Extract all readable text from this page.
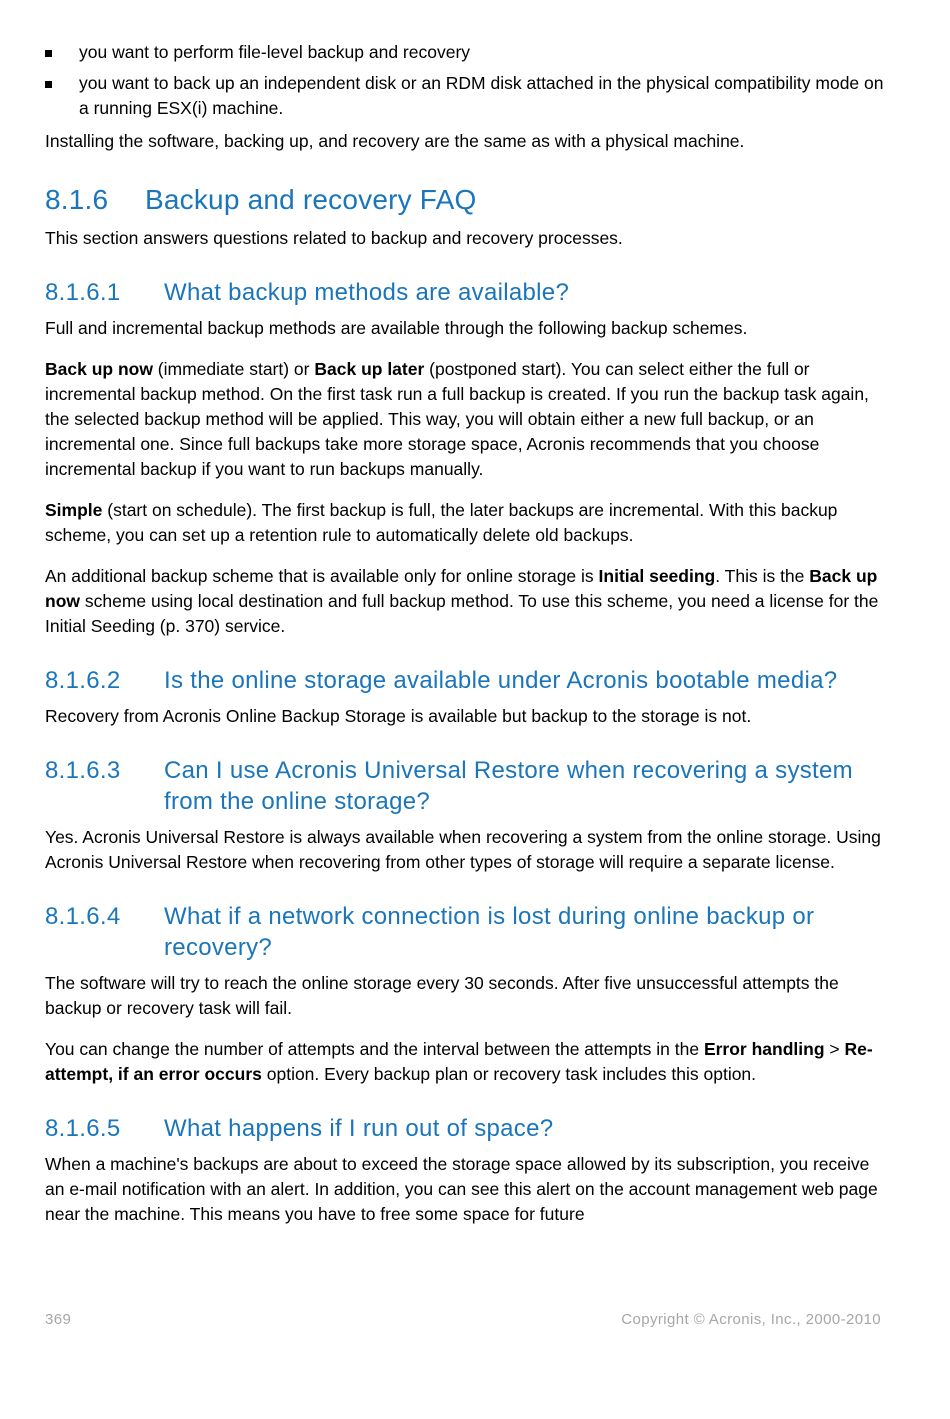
you want to perform file-level backup and recovery
you want to back up an independent disk or an RDM disk attached in the physical compatibility mode on a running ESX(i) machine.

Installing the software, backing up, and recovery are the same as with a physical machine.

8.1.6	Backup and recovery FAQ

This section answers questions related to backup and recovery processes.

8.1.6.1	What backup methods are available?

Full and incremental backup methods are available through the following backup schemes.

Back up now (immediate start) or Back up later (postponed start). You can select either the full or incremental backup method. On the first task run a full backup is created. If you run the backup task again, the selected backup method will be applied. This way, you will obtain either a new full backup, or an incremental one. Since full backups take more storage space, Acronis recommends that you choose incremental backup if you want to run backups manually.

Simple (start on schedule). The first backup is full, the later backups are incremental. With this backup scheme, you can set up a retention rule to automatically delete old backups.

An additional backup scheme that is available only for online storage is Initial seeding. This is the Back up now scheme using local destination and full backup method. To use this scheme, you need a license for the Initial Seeding (p. 370) service.

8.1.6.2	Is the online storage available under Acronis bootable media?

Recovery from Acronis Online Backup Storage is available but backup to the storage is not.

8.1.6.3	Can I use Acronis Universal Restore when recovering a system from the online storage?

Yes. Acronis Universal Restore is always available when recovering a system from the online storage. Using Acronis Universal Restore when recovering from other types of storage will require a separate license.

8.1.6.4	What if a network connection is lost during online backup or recovery?

The software will try to reach the online storage every 30 seconds. After five unsuccessful attempts the backup or recovery task will fail.

You can change the number of attempts and the interval between the attempts in the Error handling > Re-attempt, if an error occurs option. Every backup plan or recovery task includes this option.

8.1.6.5	What happens if I run out of space?

When a machine's backups are about to exceed the storage space allowed by its subscription, you receive an e-mail notification with an alert. In addition, you can see this alert on the account management web page near the machine. This means you have to free some space for future

369	Copyright © Acronis, Inc., 2000-2010
